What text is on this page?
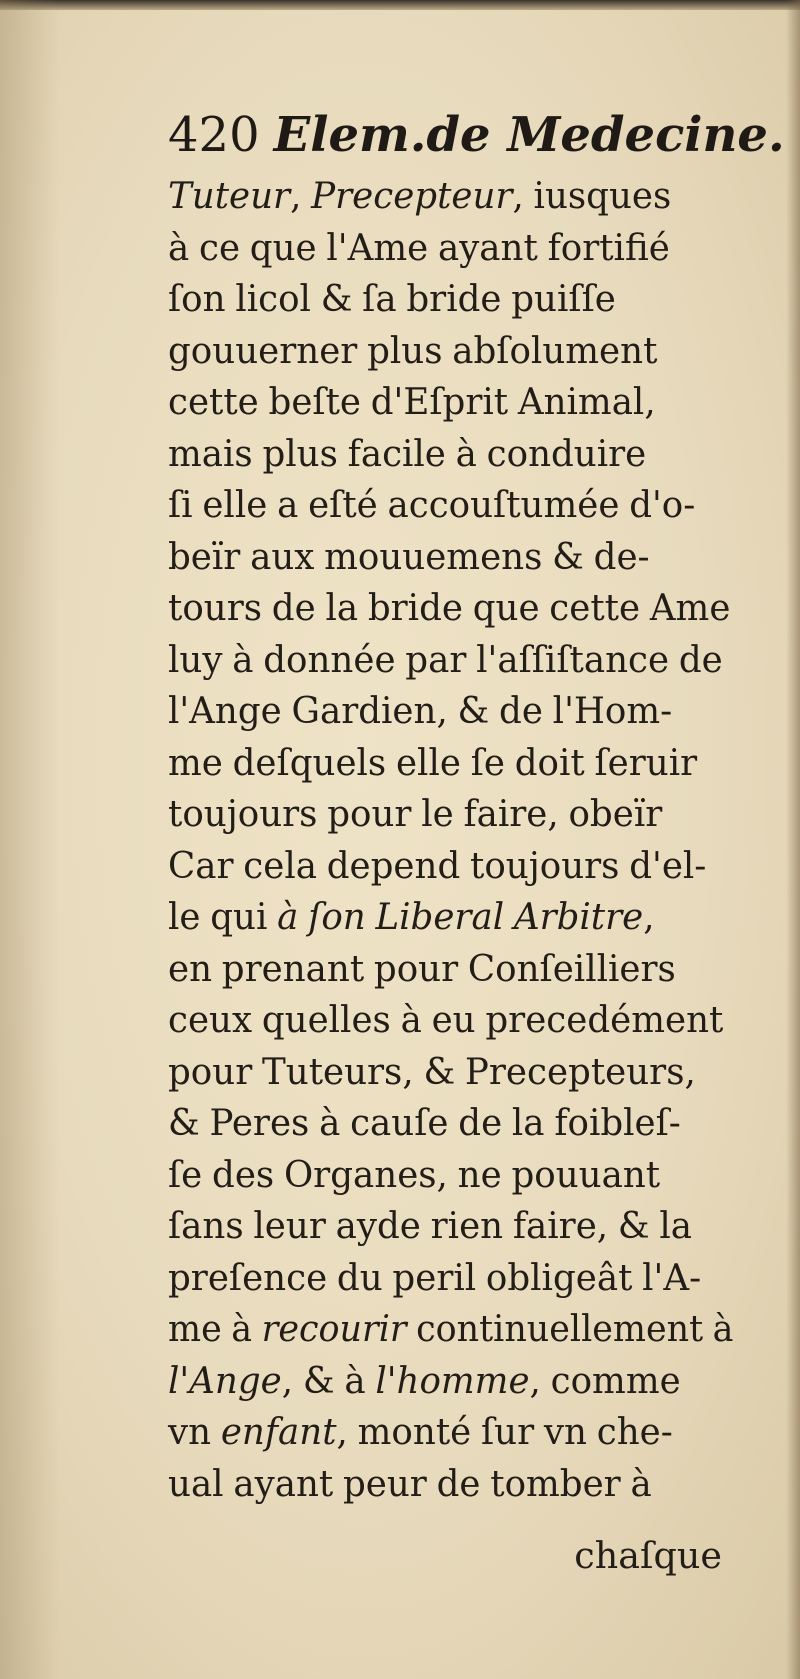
420 Elem.de Medecine.
Tuteur, Precepteur, iusques
à ce que l'Ame ayant fortifié
ſon licol & ſa bride puiſſe
gouuerner plus abſolument
cette beſte d'Eſprit Animal,
mais plus facile à conduire
ſi elle a eſté accouſtumée d'o-
beïr aux mouuemens & de-
tours de la bride que cette Ame
luy à donnée par l'aſſiſtance de
l'Ange Gardien, & de l'Hom-
me deſquels elle ſe doit ſeruir
toujours pour le faire, obeïr
Car cela depend toujours d'el-
le qui à ſon Liberal Arbitre,
en prenant pour Conſeilliers
ceux quelles à eu precedément
pour Tuteurs, & Precepteurs,
& Peres à cauſe de la foibleſ-
ſe des Organes, ne pouuant
ſans leur ayde rien faire, & la
preſence du peril obligeât l'A-
me à recourir continuellement à
l'Ange, & à l'homme, comme
vn enfant, monté ſur vn che-
ual ayant peur de tomber à
chaſque
